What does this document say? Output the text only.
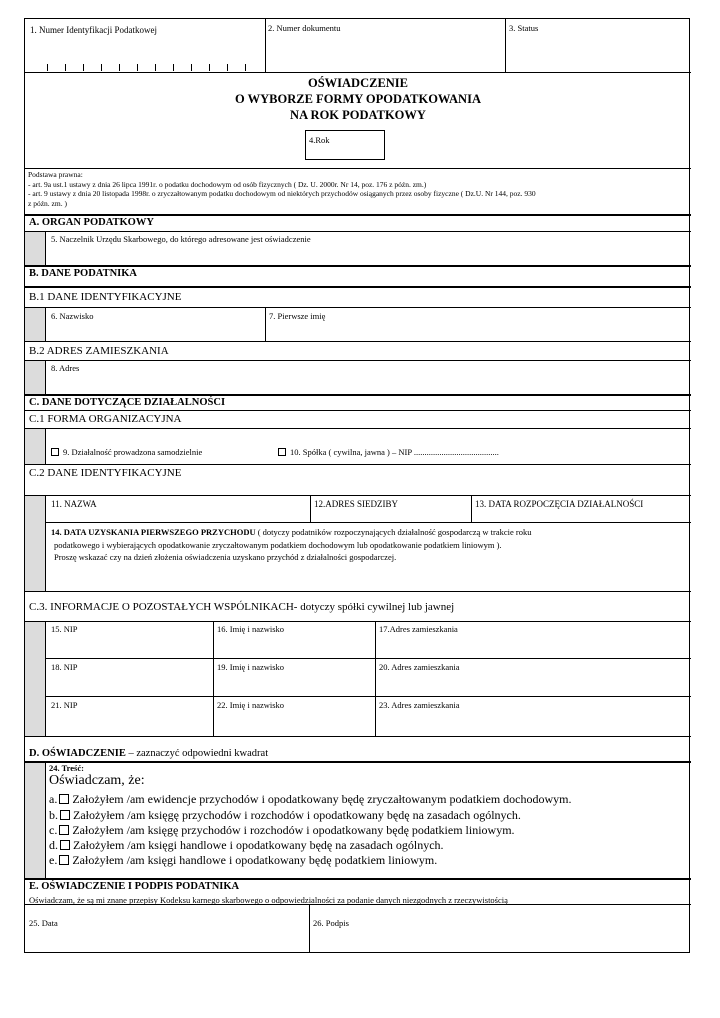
1. Numer Identyfikacji Podatkowej	2. Numer dokumentu	3. Status
OŚWIADCZENIE
O WYBORZE FORMY OPODATKOWANIA
NA ROK PODATKOWY
4.Rok
Podstawa prawna:
- art. 9a ust.1 ustawy z dnia 26 lipca 1991r. o podatku dochodowym od osób fizycznych ( Dz. U. 2000r. Nr 14, poz. 176 z późn. zm.)
- art. 9 ustawy z dnia 20 listopada 1998r. o zryczałtowanym podatku dochodowym od niektórych przychodów osiąganych przez osoby fizyczne ( Dz.U. Nr 144, poz. 930
z późn. zm. )
A. ORGAN PODATKOWY
5. Naczelnik Urzędu Skarbowego, do którego adresowane jest oświadczenie
B. DANE PODATNIKA
B.1 DANE IDENTYFIKACYJNE
6. Nazwisko	7. Pierwsze imię
B.2 ADRES ZAMIESZKANIA
8. Adres
C. DANE DOTYCZĄCE DZIAŁALNOŚCI
C.1 FORMA ORGANIZACYJNA
9. Działalność prowadzona samodzielnie	10. Spółka ( cywilna, jawna ) – NIP ........................................
C.2 DANE IDENTYFIKACYJNE
11. NAZWA	12.ADRES SIEDZIBY	13. DATA ROZPOCZĘCIA DZIAŁALNOŚCI
14. DATA UZYSKANIA PIERWSZEGO PRZYCHODU ( dotyczy podatników rozpoczynających działalność gospodarczą w trakcie roku
podatkowego i wybierających opodatkowanie zryczałtowanym podatkiem dochodowym lub opodatkowanie podatkiem liniowym ).
Proszę wskazać czy na dzień złożenia oświadczenia uzyskano przychód z działalności gospodarczej.
C.3. INFORMACJE O POZOSTAŁYCH WSPÓLNIKACH- dotyczy spółki cywilnej lub jawnej
15. NIP	16. Imię i nazwisko	17.Adres zamieszkania
18. NIP	19. Imię i nazwisko	20. Adres zamieszkania
21. NIP	22. Imię i nazwisko	23. Adres zamieszkania
D. OŚWIADCZENIE – zaznaczyć odpowiedni kwadrat
24. Treść:
Oświadczam, że:
a. Założyłem /am ewidencje przychodów i opodatkowany będę zryczałtowanym podatkiem dochodowym.
b. Założyłem /am księgę przychodów i rozchodów i opodatkowany będę na zasadach ogólnych.
c. Założyłem /am księgę przychodów i rozchodów i opodatkowany będę podatkiem liniowym.
d. Założyłem /am księgi handlowe i opodatkowany będę na zasadach ogólnych.
e. Założyłem /am księgi handlowe i opodatkowany będę podatkiem liniowym.
E. OŚWIADCZENIE I PODPIS PODATNIKA
Oświadczam, że są mi znane przepisy Kodeksu karnego skarbowego o odpowiedzialności za podanie danych niezgodnych z rzeczywistością
25. Data	26. Podpis
